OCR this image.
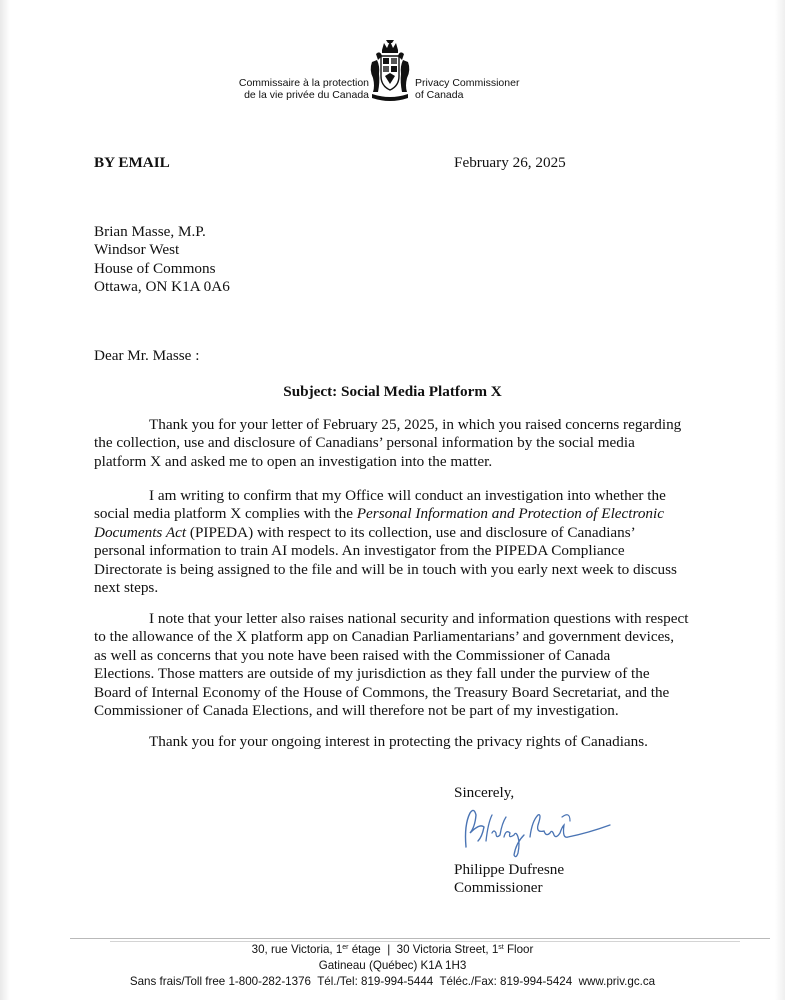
Commissaire à la protection
de la vie privée du Canada
Privacy Commissioner
of Canada
BY EMAIL	February 26, 2025
Brian Masse, M.P.
Windsor West
House of Commons
Ottawa, ON K1A 0A6
Dear Mr. Masse :
Subject: Social Media Platform X
Thank you for your letter of February 25, 2025, in which you raised concerns regarding
the collection, use and disclosure of Canadians’ personal information by the social media
platform X and asked me to open an investigation into the matter.
I am writing to confirm that my Office will conduct an investigation into whether the
social media platform X complies with the Personal Information and Protection of Electronic
Documents Act (PIPEDA) with respect to its collection, use and disclosure of Canadians’
personal information to train AI models. An investigator from the PIPEDA Compliance
Directorate is being assigned to the file and will be in touch with you early next week to discuss
next steps.
I note that your letter also raises national security and information questions with respect
to the allowance of the X platform app on Canadian Parliamentarians’ and government devices,
as well as concerns that you note have been raised with the Commissioner of Canada
Elections. Those matters are outside of my jurisdiction as they fall under the purview of the
Board of Internal Economy of the House of Commons, the Treasury Board Secretariat, and the
Commissioner of Canada Elections, and will therefore not be part of my investigation.
Thank you for your ongoing interest in protecting the privacy rights of Canadians.
Sincerely,
Philippe Dufresne
Commissioner
30, rue Victoria, 1er étage | 30 Victoria Street, 1st Floor
Gatineau (Québec) K1A 1H3
Sans frais/Toll free 1-800-282-1376  Tél./Tel: 819-994-5444  Téléc./Fax: 819-994-5424  www.priv.gc.ca
